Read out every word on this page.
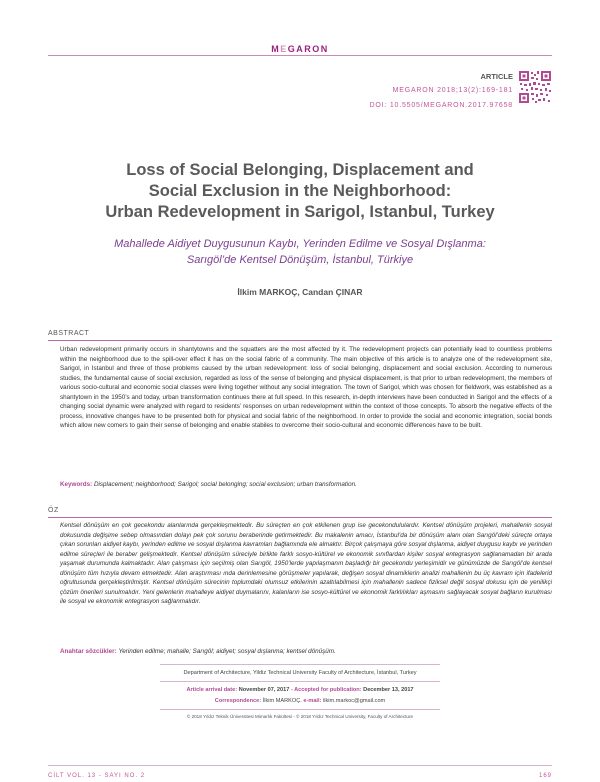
MEGARON
ARTICLE
MEGARON 2018;13(2):169-181
DOI: 10.5505/MEGARON.2017.97658
Loss of Social Belonging, Displacement and
Social Exclusion in the Neighborhood:
Urban Redevelopment in Sarigol, Istanbul, Turkey
Mahallede Aidiyet Duygusunun Kaybı, Yerinden Edilme ve Sosyal Dışlanma:
Sarıgöl’de Kentsel Dönüşüm, İstanbul, Türkiye
İlkim MARKOÇ, Candan ÇINAR
ABSTRACT
Urban redevelopment primarily occurs in shantytowns and the squatters are the most affected by it. The redevelopment projects can potentially lead to countless problems within the neighborhood due to the spill-over effect it has on the social fabric of a community. The main objective of this article is to analyze one of the redevelopment site, Sarigol, in Istanbul and three of those problems caused by the urban redevelopment: loss of social belonging, displacement and social exclusion. According to numerous studies, the fundamental cause of social exclusion, regarded as loss of the sense of belonging and physical displacement, is that prior to urban redevelopment, the members of various socio-cultural and economic social classes were living together without any social integration. The town of Sarigol, which was chosen for fieldwork, was established as a shantytown in the 1950’s and today, urban transformation continues there at full speed. In this research, in-depth interviews have been conducted in Sarigol and the effects of a changing social dynamic were analyzed with regard to residents’ responses on urban redevelopment within the context of those concepts. To absorb the negative effects of the process, innovative changes have to be presented both for physical and social fabric of the neighborhood. In order to provide the social and economic integration, social bonds which allow new comers to gain their sense of belonging and enable stabiles to overcome their socio-cultural and economic differences have to be built.
Keywords: Displacement; neighborhood; Sarigol; social belonging; social exclusion; urban transformation.
ÖZ
Kentsel dönüşüm en çok gecekondu alanlarında gerçekleşmektedir. Bu süreçten en çok etkilenen grup ise gecekondululardır. Kentsel dönüşüm projeleri, mahallenin sosyal dokusunda değişime sebep olmasından dolayı pek çok sorunu beraberinde getirmektedir. Bu makalenin amacı, İstanbul’da bir dönüşüm alanı olan Sarıgöl’deki süreçte ortaya çıkan sorunları aidiyet kaybı, yerinden edilme ve sosyal dışlanma kavramları bağlamında ele almaktır. Birçok çalışmaya göre sosyal dışlanma, aidiyet duygusu kaybı ve yerinden edilme süreçleri ile beraber gelişmektedir. Kentsel dönüşüm süreciyle birlikte farklı sosyo-kültürel ve ekonomik sınıflardan kişiler sosyal entegrasyon sağlanamadan bir arada yaşamak durumunda kalmaktadır. Alan çalışması için seçilmiş olan Sarıgöl, 1950’lerde yapılaşmanın başladığı bir gecekondu yerleşimidir ve günümüzde de Sarıgöl’de kentsel dönüşüm tüm hızıyla devam etmektedir. Alan araştırması ında derinlemesine görüşmeler yapılarak, değişen sosyal dinamiklerin analizi mahallenin bu üç kavram için ifadelerid oğrultusunda gerçekleştirilmiştir. Kentsel dönüşüm sürecinin toplumdaki olumsuz etkilerinin azaltılabilmesi için mahallenin sadece fiziksel değil sosyal dokusu için de yenilikçi çözüm önerileri sunulmalıdır. Yeni gelenlerin mahalleye aidiyet duymalarını, kalanların ise sosyo-kültürel ve ekonomik farklılıkları aşmasını sağlayacak sosyal bağların kurulması ile sosyal ve ekonomik entegrasyon sağlanmalıdır.
Anahtar sözcükler: Yerinden edilme; mahalle; Sarıgöl; aidiyet; sosyal dışlanma; kentsel dönüşüm.
Department of Architecture, Yildiz Technical University Faculty of Architecture, İstanbul, Turkey
Article arrival date: November 07, 2017 - Accepted for publication: December 13, 2017
Correspondence: İlkim MARKOÇ. e-mail: ilkim.markoc@gmail.com
© 2018 Yıldız Teknik Üniversitesi Mimarlık Fakültesi - © 2018 Yıldız Technical University, Faculty of Architecture
CİLT VOL. 13 - SAYI NO. 2	169
